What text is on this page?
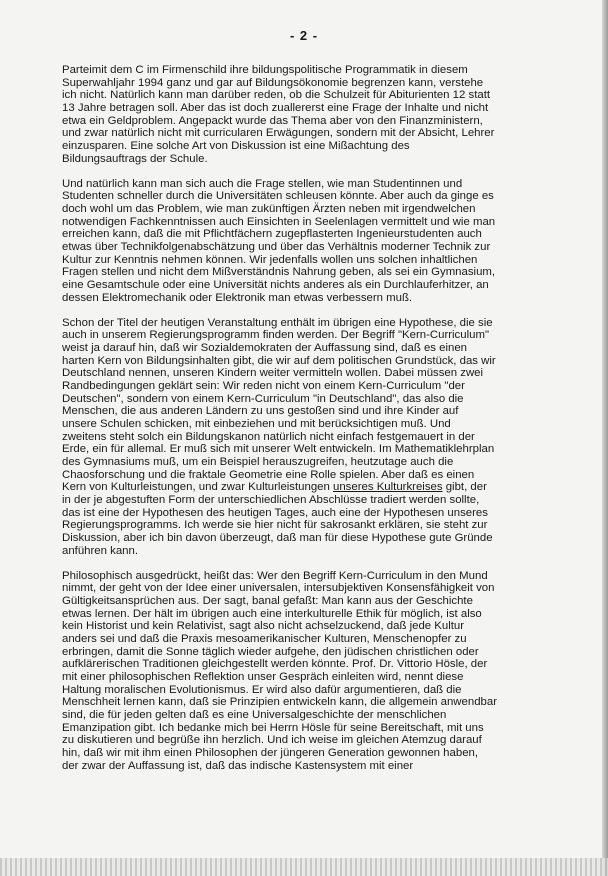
- 2 -

Parteimit dem C im Firmenschild ihre bildungspolitische Programmatik in diesem
Superwahljahr 1994 ganz und gar auf Bildungsökonomie begrenzen kann, verstehe
ich nicht. Natürlich kann man darüber reden, ob die Schulzeit für Abiturienten 12 statt
13 Jahre betragen soll. Aber das ist doch zuallererst eine Frage der Inhalte und nicht
etwa ein Geldproblem. Angepackt wurde das Thema aber von den Finanzministern,
und zwar natürlich nicht mit curricularen Erwägungen, sondern mit der Absicht, Lehrer
einzusparen. Eine solche Art von Diskussion ist eine Mißachtung des
Bildungsauftrags der Schule.

Und natürlich kann man sich auch die Frage stellen, wie man Studentinnen und
Studenten schneller durch die Universitäten schleusen könnte. Aber auch da ginge es
doch wohl um das Problem, wie man zukünftigen Ärzten neben mit irgendwelchen
notwendigen Fachkenntnissen auch Einsichten in Seelenlagen vermittelt und wie man
erreichen kann, daß die mit Pflichtfächern zugepflasterten Ingenieurstudenten auch
etwas über Technikfolgenabschätzung und über das Verhältnis moderner Technik zur
Kultur zur Kenntnis nehmen können. Wir jedenfalls wollen uns solchen inhaltlichen
Fragen stellen und nicht dem Mißverständnis Nahrung geben, als sei ein Gymnasium,
eine Gesamtschule oder eine Universität nichts anderes als ein Durchlauferhitzer, an
dessen Elektromechanik oder Elektronik man etwas verbessern muß.

Schon der Titel der heutigen Veranstaltung enthält im übrigen eine Hypothese, die sie
auch in unserem Regierungsprogramm finden werden. Der Begriff "Kern-Curriculum"
weist ja darauf hin, daß wir Sozialdemokraten der Auffassung sind, daß es einen
harten Kern von Bildungsinhalten gibt, die wir auf dem politischen Grundstück, das wir
Deutschland nennen, unseren Kindern weiter vermitteln wollen. Dabei müssen zwei
Randbedingungen geklärt sein: Wir reden nicht von einem Kern-Curriculum "der
Deutschen", sondern von einem Kern-Curriculum "in Deutschland", das also die
Menschen, die aus anderen Ländern zu uns gestoßen sind und ihre Kinder auf
unsere Schulen schicken, mit einbeziehen und mit berücksichtigen muß. Und
zweitens steht solch ein Bildungskanon natürlich nicht einfach festgemauert in der
Erde, ein für allemal. Er muß sich mit unserer Welt entwickeln. Im Mathematiklehrplan
des Gymnasiums muß, um ein Beispiel herauszugreifen, heutzutage auch die
Chaosforschung und die fraktale Geometrie eine Rolle spielen. Aber daß es einen
Kern von Kulturleistungen, und zwar Kulturleistungen unseres Kulturkreises gibt, der
in der je abgestuften Form der unterschiedlichen Abschlüsse tradiert werden sollte,
das ist eine der Hypothesen des heutigen Tages, auch eine der Hypothesen unseres
Regierungsprogramms. Ich werde sie hier nicht für sakrosankt erklären, sie steht zur
Diskussion, aber ich bin davon überzeugt, daß man für diese Hypothese gute Gründe
anführen kann.

Philosophisch ausgedrückt, heißt das: Wer den Begriff Kern-Curriculum in den Mund
nimmt, der geht von der Idee einer universalen, intersubjektiven Konsensfähigkeit von
Gültigkeitsansprüchen aus. Der sagt, banal gefaßt: Man kann aus der Geschichte
etwas lernen. Der hält im übrigen auch eine interkulturelle Ethik für möglich, ist also
kein Historist und kein Relativist, sagt also nicht achselzuckend, daß jede Kultur
anders sei und daß die Praxis mesoamerikanischer Kulturen, Menschenopfer zu
erbringen, damit die Sonne täglich wieder aufgehe, den jüdischen christlichen oder
aufklärerischen Traditionen gleichgestellt werden könnte. Prof. Dr. Vittorio Hösle, der
mit einer philosophischen Reflektion unser Gespräch einleiten wird, nennt diese
Haltung moralischen Evolutionismus. Er wird also dafür argumentieren, daß die
Menschheit lernen kann, daß sie Prinzipien entwickeln kann, die allgemein anwendbar
sind, die für jeden gelten daß es eine Universalgeschichte der menschlichen
Emanzipation gibt. Ich bedanke mich bei Herrn Hösle für seine Bereitschaft, mit uns
zu diskutieren und begrüße ihn herzlich. Und ich weise im gleichen Atemzug darauf
hin, daß wir mit ihm einen Philosophen der jüngeren Generation gewonnen haben,
der zwar der Auffassung ist, daß das indische Kastensystem mit einer
